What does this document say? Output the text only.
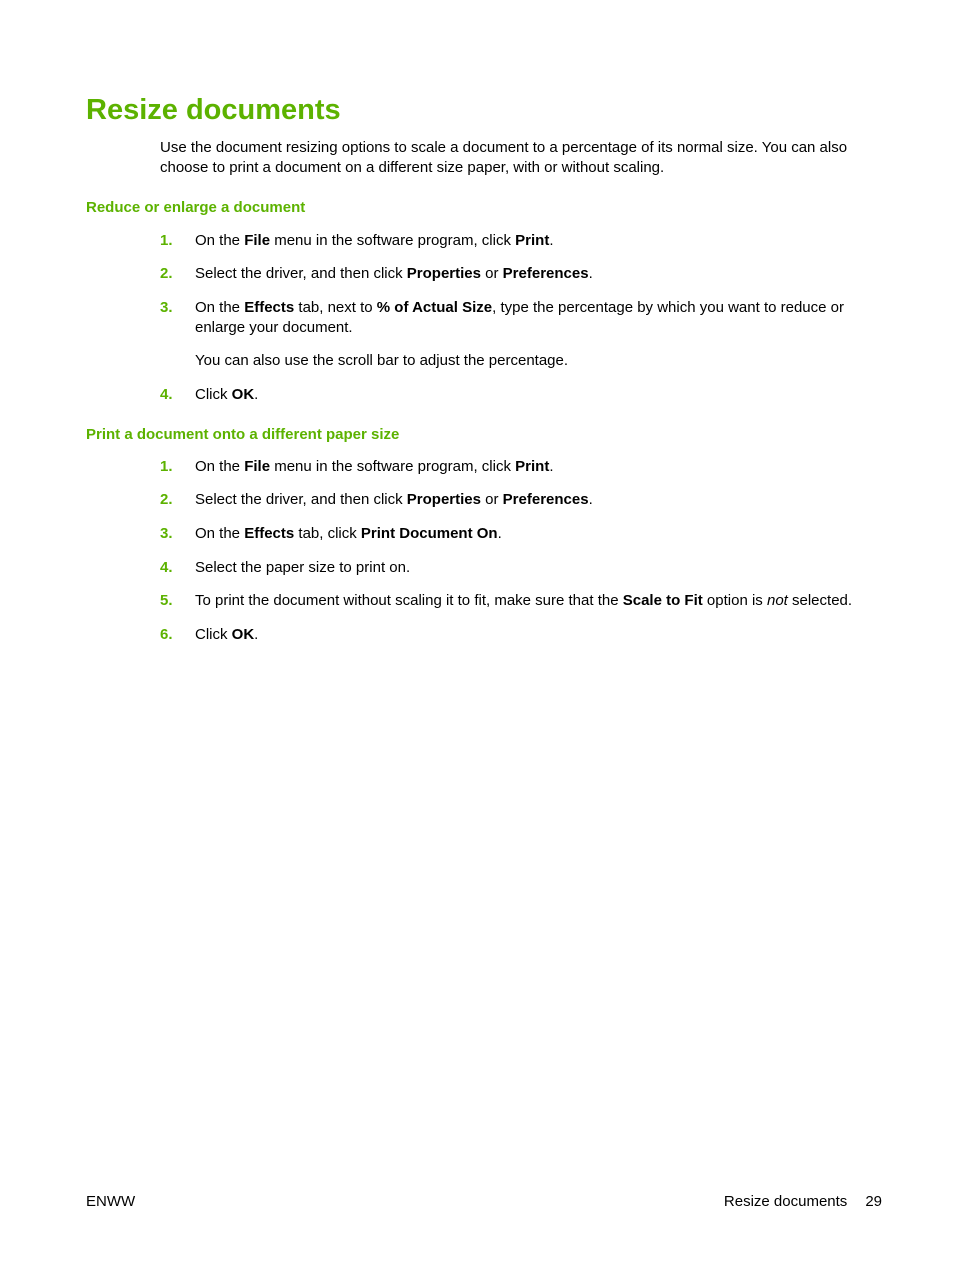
Resize documents

Use the document resizing options to scale a document to a percentage of its normal size. You can also choose to print a document on a different size paper, with or without scaling.

Reduce or enlarge a document
1. On the File menu in the software program, click Print.
2. Select the driver, and then click Properties or Preferences.
3. On the Effects tab, next to % of Actual Size, type the percentage by which you want to reduce or enlarge your document.
You can also use the scroll bar to adjust the percentage.
4. Click OK.
Print a document onto a different paper size
1. On the File menu in the software program, click Print.
2. Select the driver, and then click Properties or Preferences.
3. On the Effects tab, click Print Document On.
4. Select the paper size to print on.
5. To print the document without scaling it to fit, make sure that the Scale to Fit option is not selected.
6. Click OK.
ENWW	Resize documents 29
